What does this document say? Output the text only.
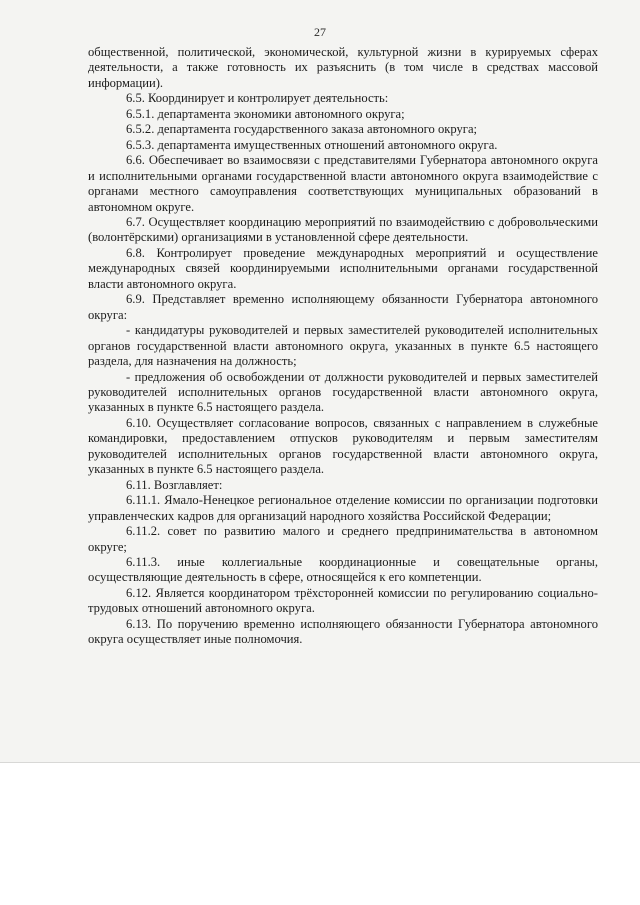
27

общественной, политической, экономической, культурной жизни в курируемых сферах деятельности, а также готовность их разъяснить (в том числе в средствах массовой информации).

6.5. Координирует и контролирует деятельность:

6.5.1. департамента экономики автономного округа;

6.5.2. департамента государственного заказа автономного округа;

6.5.3. департамента имущественных отношений автономного округа.

6.6. Обеспечивает во взаимосвязи с представителями Губернатора автономного округа и исполнительными органами государственной власти автономного округа взаимодействие с органами местного самоуправления соответствующих муниципальных образований в автономном округе.

6.7. Осуществляет координацию мероприятий по взаимодействию с добровольческими (волонтёрскими) организациями в установленной сфере деятельности.

6.8. Контролирует проведение международных мероприятий и осуществление международных связей координируемыми исполнительными органами государственной власти автономного округа.

6.9. Представляет временно исполняющему обязанности Губернатора автономного округа:

- кандидатуры руководителей и первых заместителей руководителей исполнительных органов государственной власти автономного округа, указанных в пункте 6.5 настоящего раздела, для назначения на должность;

- предложения об освобождении от должности руководителей и первых заместителей руководителей исполнительных органов государственной власти автономного округа, указанных в пункте 6.5 настоящего раздела.

6.10. Осуществляет согласование вопросов, связанных с направлением в служебные командировки, предоставлением отпусков руководителям и первым заместителям руководителей исполнительных органов государственной власти автономного округа, указанных в пункте 6.5 настоящего раздела.

6.11. Возглавляет:

6.11.1. Ямало-Ненецкое региональное отделение комиссии по организации подготовки управленческих кадров для организаций народного хозяйства Российской Федерации;

6.11.2. совет по развитию малого и среднего предпринимательства в автономном округе;

6.11.3. иные коллегиальные координационные и совещательные органы, осуществляющие деятельность в сфере, относящейся к его компетенции.

6.12. Является координатором трёхсторонней комиссии по регулированию социально-трудовых отношений автономного округа.

6.13. По поручению временно исполняющего обязанности Губернатора автономного округа осуществляет иные полномочия.
